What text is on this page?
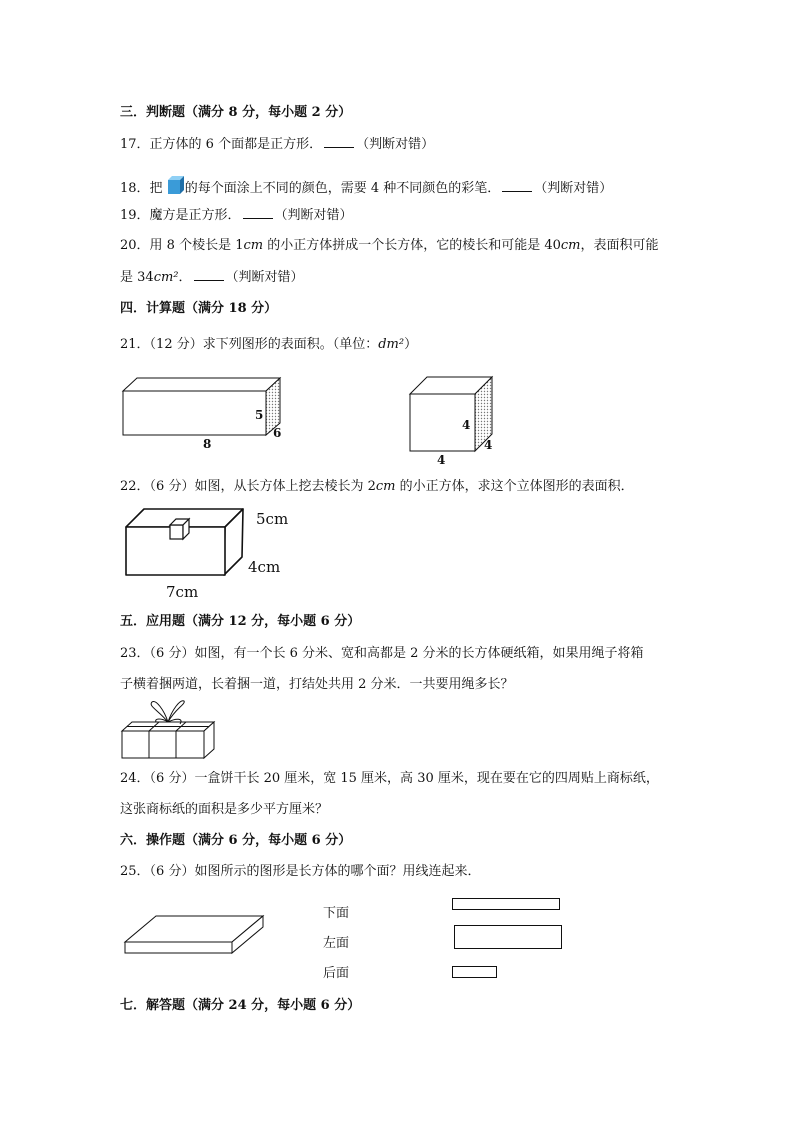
三．判断题（满分 8 分，每小题 2 分）
17．正方体的 6 个面都是正方形．	（判断对错）
18．把 的每个面涂上不同的颜色，需要 4 种不同颜色的彩笔．	（判断对错）
19．魔方是正方形．	（判断对错）
20．用 8 个棱长是 1cm 的小正方体拼成一个长方体，它的棱长和可能是 40cm，表面积可能
是 34cm²．	（判断对错）
四．计算题（满分 18 分）
21．（12 分）求下列图形的表面积。（单位：dm²）
5
6
8
4
4
4
22．（6 分）如图，从长方体上挖去棱长为 2cm 的小正方体，求这个立体图形的表面积．
5cm
4cm
7cm
五．应用题（满分 12 分，每小题 6 分）
23．（6 分）如图，有一个长 6 分米、宽和高都是 2 分米的长方体硬纸箱，如果用绳子将箱
子横着捆两道，长着捆一道，打结处共用 2 分米．一共要用绳多长？
24．（6 分）一盒饼干长 20 厘米，宽 15 厘米，高 30 厘米，现在要在它的四周贴上商标纸，
这张商标纸的面积是多少平方厘米？
六．操作题（满分 6 分，每小题 6 分）
25．（6 分）如图所示的图形是长方体的哪个面？用线连起来．
下面
左面
后面
七．解答题（满分 24 分，每小题 6 分）
